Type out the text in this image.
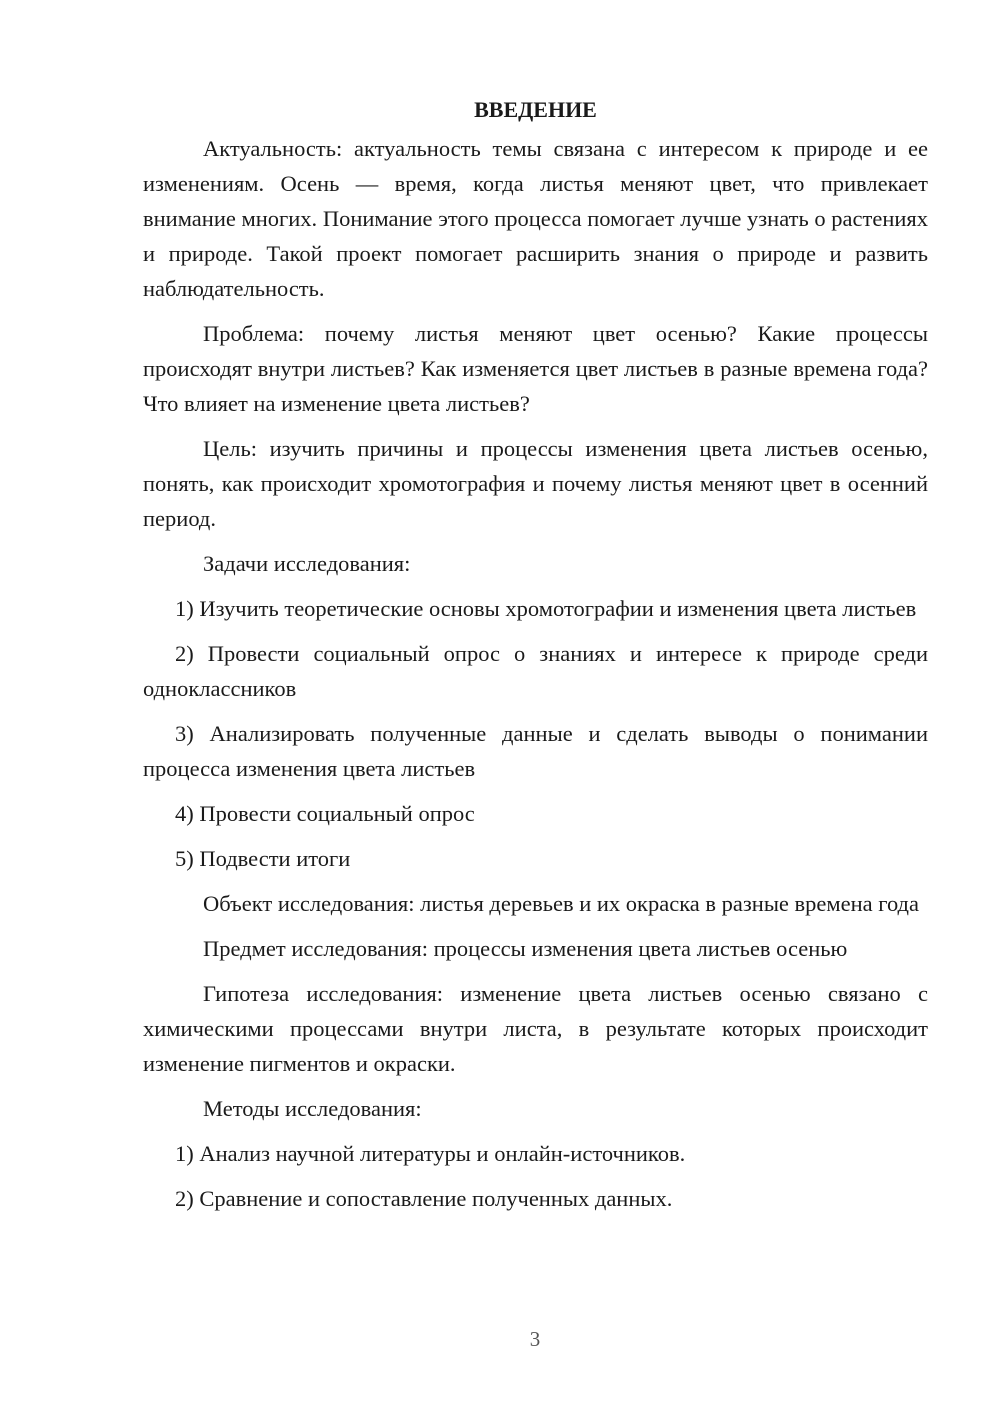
ВВЕДЕНИЕ

Актуальность: актуальность темы связана с интересом к природе и ее изменениям. Осень — время, когда листья меняют цвет, что привлекает внимание многих. Понимание этого процесса помогает лучше узнать о растениях и природе. Такой проект помогает расширить знания о природе и развить наблюдательность.

Проблема: почему листья меняют цвет осенью? Какие процессы происходят внутри листьев? Как изменяется цвет листьев в разные времена года? Что влияет на изменение цвета листьев?

Цель: изучить причины и процессы изменения цвета листьев осенью, понять, как происходит хромотография и почему листья меняют цвет в осенний период.

Задачи исследования:

1) Изучить теоретические основы хромотографии и изменения цвета листьев

2) Провести социальный опрос о знаниях и интересе к природе среди одноклассников

3) Анализировать полученные данные и сделать выводы о понимании процесса изменения цвета листьев

4) Провести социальный опрос

5) Подвести итоги

Объект исследования: листья деревьев и их окраска в разные времена года

Предмет исследования: процессы изменения цвета листьев осенью

Гипотеза исследования: изменение цвета листьев осенью связано с химическими процессами внутри листа, в результате которых происходит изменение пигментов и окраски.

Методы исследования:

1) Анализ научной литературы и онлайн-источников.

2) Сравнение и сопоставление полученных данных.

3
